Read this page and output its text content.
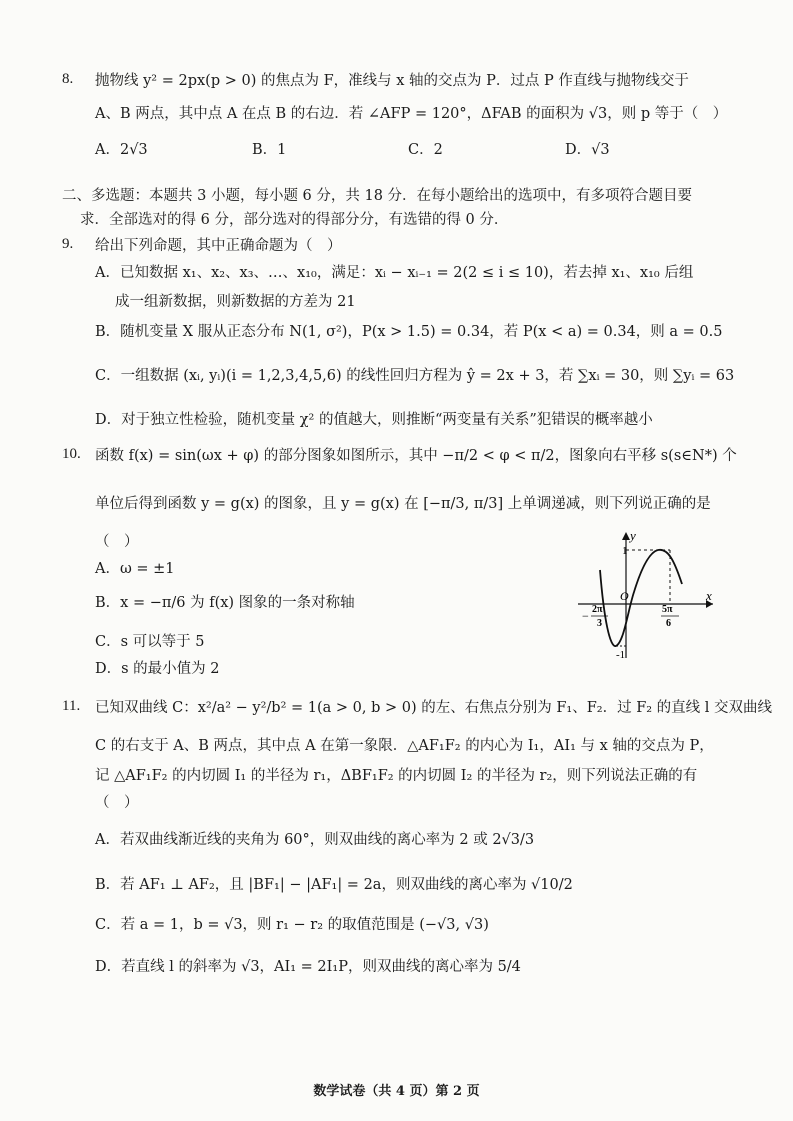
8. 抛物线 y² = 2px(p > 0) 的焦点为 F，准线与 x 轴的交点为 P．过点 P 作直线与抛物线交于
A、B 两点，其中点 A 在点 B 的右边．若 ∠AFP = 120°，ΔFAB 的面积为 √3，则 p 等于（　）
A．2√3	B．1	C．2	D．√3
二、多选题：本题共 3 小题，每小题 6 分，共 18 分．在每小题给出的选项中，有多项符合题目要
求．全部选对的得 6 分，部分选对的得部分分，有选错的得 0 分．
9. 给出下列命题，其中正确命题为（　）
A．已知数据 x₁、x₂、x₃、…、x₁₀，满足：xᵢ − xᵢ₋₁ = 2(2 ≤ i ≤ 10)，若去掉 x₁、x₁₀ 后组
成一组新数据，则新数据的方差为 21
B．随机变量 X 服从正态分布 N(1, σ²)，P(x > 1.5) = 0.34，若 P(x < a) = 0.34，则 a = 0.5
C．一组数据 (xᵢ, yᵢ)(i = 1,2,3,4,5,6) 的线性回归方程为 ŷ = 2x + 3，若 ∑xᵢ = 30，则 ∑yᵢ = 63
D．对于独立性检验，随机变量 χ² 的值越大，则推断“两变量有关系”犯错误的概率越小
10. 函数 f(x) = sin(ωx + φ) 的部分图象如图所示，其中 −π/2 < φ < π/2，图象向右平移 s(s∈N*) 个
单位后得到函数 y = g(x) 的图象，且 y = g(x) 在 [−π/3, π/3] 上单调递减，则下列说正确的是
（　）
A．ω = ±1
B．x = −π/6 为 f(x) 图象的一条对称轴
C．s 可以等于 5
D．s 的最小值为 2
y
x
O
1
-1
− 2π
3
5π
6
11. 已知双曲线 C：x²/a² − y²/b² = 1(a > 0, b > 0) 的左、右焦点分别为 F₁、F₂．过 F₂ 的直线 l 交双曲线
C 的右支于 A、B 两点，其中点 A 在第一象限．△AF₁F₂ 的内心为 I₁，AI₁ 与 x 轴的交点为 P，
记 △AF₁F₂ 的内切圆 I₁ 的半径为 r₁，ΔBF₁F₂ 的内切圆 I₂ 的半径为 r₂，则下列说法正确的有
（　）
A．若双曲线渐近线的夹角为 60°，则双曲线的离心率为 2 或 2√3/3
B．若 AF₁ ⊥ AF₂，且 |BF₁| − |AF₁| = 2a，则双曲线的离心率为 √10/2
C．若 a = 1，b = √3，则 r₁ − r₂ 的取值范围是 (−√3, √3)
D．若直线 l 的斜率为 √3，AI₁ = 2I₁P，则双曲线的离心率为 5/4
数学试卷（共 4 页）第 2 页
